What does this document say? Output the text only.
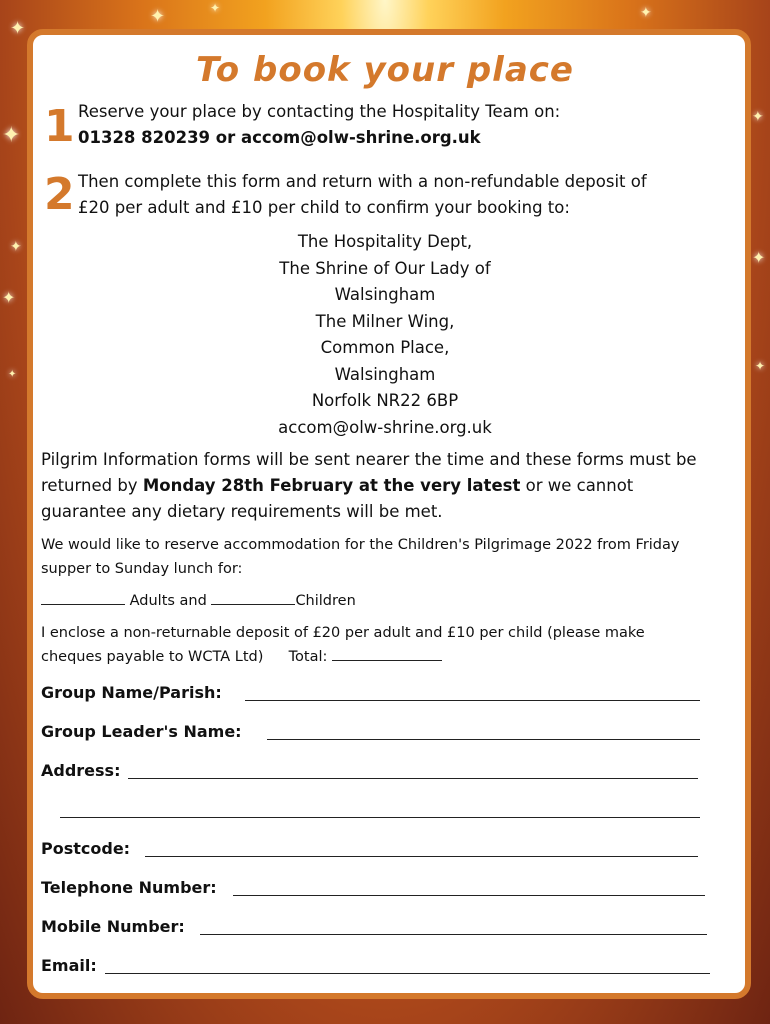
✦
✦	✦	✦
✦
✦
✦
✦
✦
✦
✦
To book your place
1 Reserve your place by contacting the Hospitality Team on:
01328 820239 or accom@olw-shrine.org.uk
2 Then complete this form and return with a non-refundable deposit of
£20 per adult and £10 per child to confirm your booking to:
The Hospitality Dept,
The Shrine of Our Lady of
Walsingham
The Milner Wing,
Common Place,
Walsingham
Norfolk NR22 6BP
accom@olw-shrine.org.uk
Pilgrim Information forms will be sent nearer the time and these forms must be
returned by Monday 28th February at the very latest or we cannot
guarantee any dietary requirements will be met.
We would like to reserve accommodation for the Children's Pilgrimage 2022 from Friday
supper to Sunday lunch for:
Adults and	Children
I enclose a non-returnable deposit of £20 per adult and £10 per child (please make
cheques payable to WCTA Ltd) Total:
Group Name/Parish:
Group Leader's Name:
Address:
Postcode:
Telephone Number:
Mobile Number:
Email:
